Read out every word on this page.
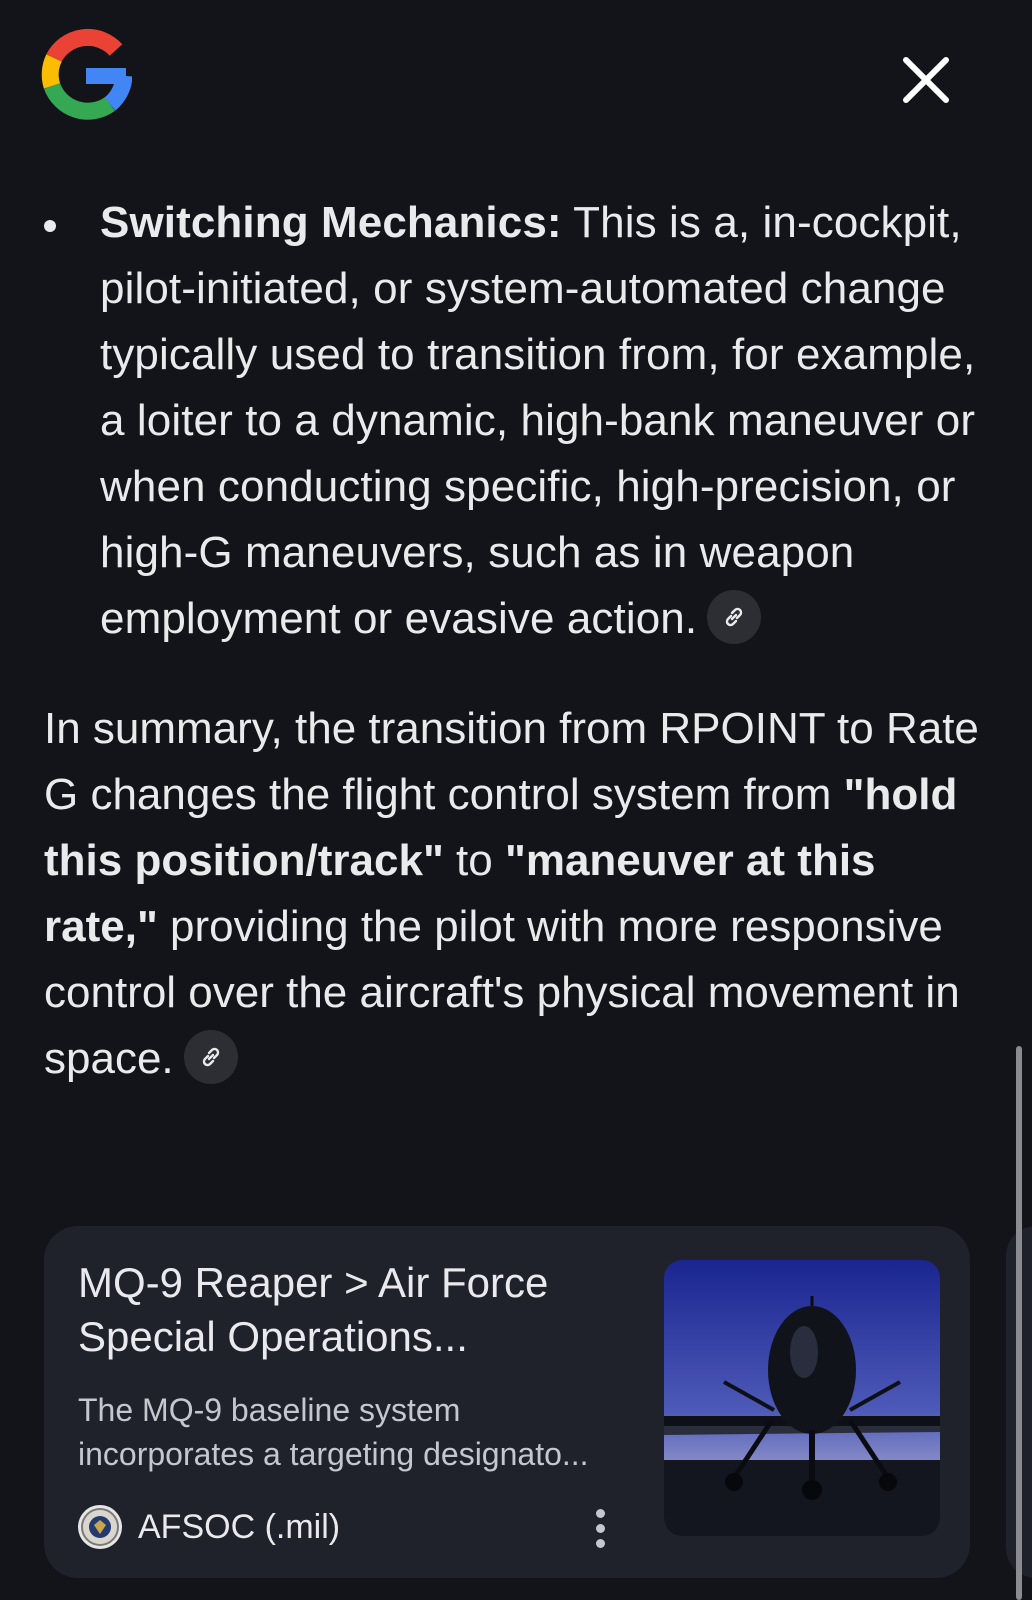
Switching Mechanics: This is a, in-cockpit, pilot-initiated, or system-automated change typically used to transition from, for example, a loiter to a dynamic, high-bank maneuver or when conducting specific, high-precision, or high-G maneuvers, such as in weapon employment or evasive action.
In summary, the transition from RPOINT to Rate G changes the flight control system from "hold this position/track" to "maneuver at this rate," providing the pilot with more responsive control over the aircraft's physical movement in space.
MQ-9 Reaper > Air Force Special Operations...
The MQ-9 baseline system incorporates a targeting designato...
AFSOC (.mil)
